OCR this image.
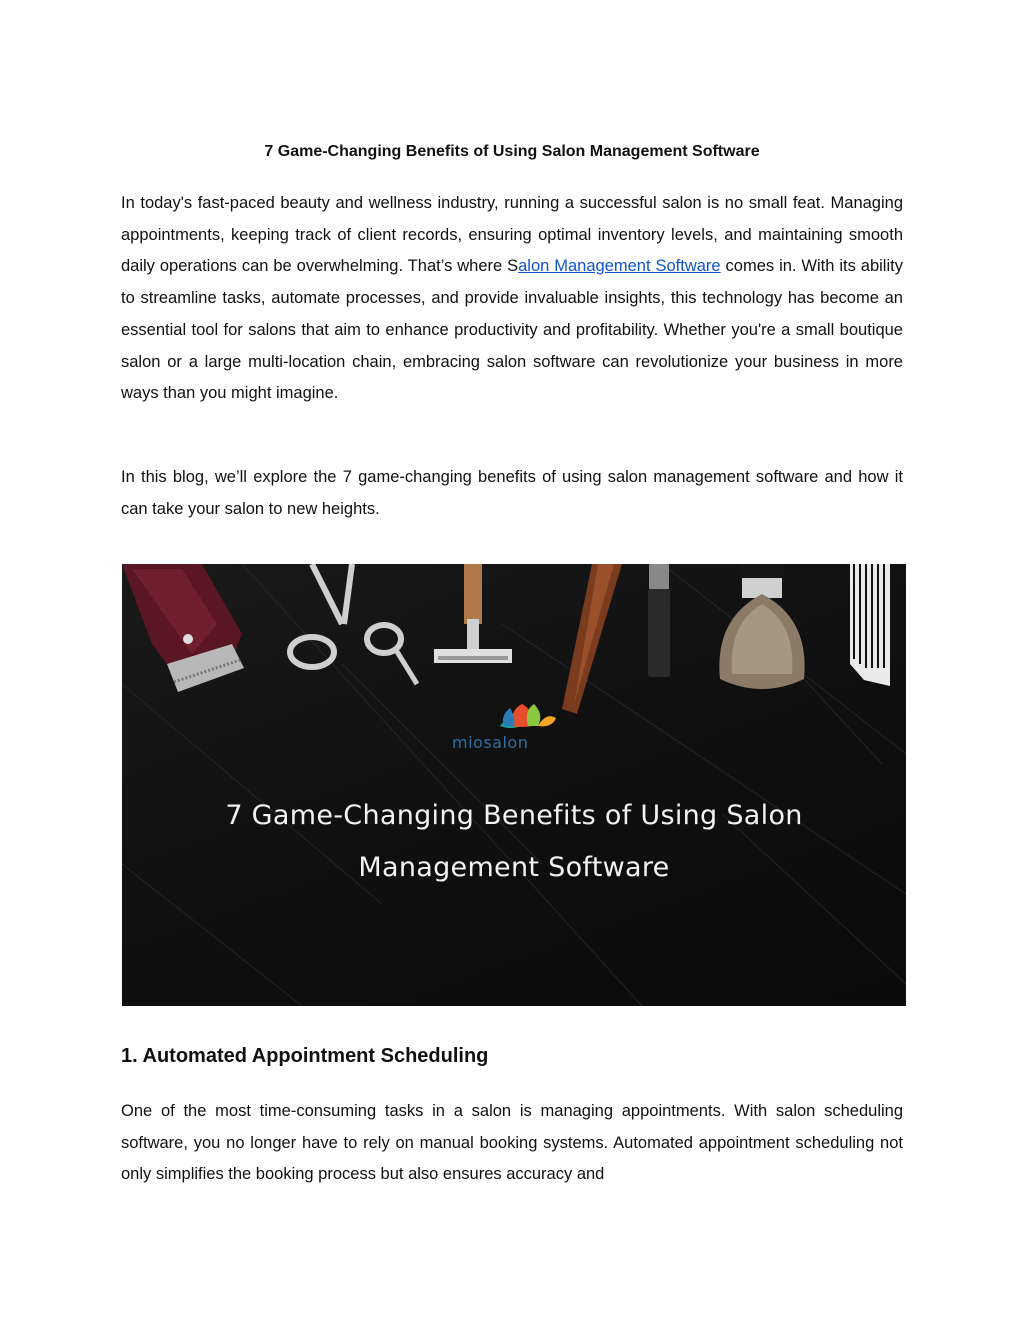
7 Game-Changing Benefits of Using Salon Management Software
In today's fast-paced beauty and wellness industry, running a successful salon is no small feat. Managing appointments, keeping track of client records, ensuring optimal inventory levels, and maintaining smooth daily operations can be overwhelming. That’s where Salon Management Software comes in. With its ability to streamline tasks, automate processes, and provide invaluable insights, this technology has become an essential tool for salons that aim to enhance productivity and profitability. Whether you're a small boutique salon or a large multi-location chain, embracing salon software can revolutionize your business in more ways than you might imagine.
In this blog, we’ll explore the 7 game-changing benefits of using salon management software and how it can take your salon to new heights.
miosalon
7 Game-Changing Benefits of Using Salon
Management Software
1. Automated Appointment Scheduling
One of the most time-consuming tasks in a salon is managing appointments. With salon scheduling software, you no longer have to rely on manual booking systems. Automated appointment scheduling not only simplifies the booking process but also ensures accuracy and
